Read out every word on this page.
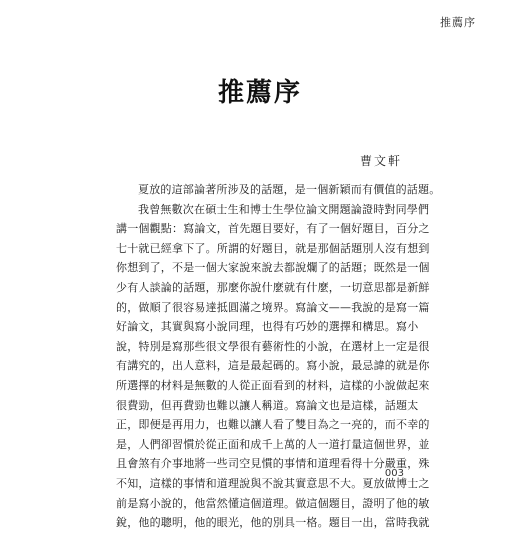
推薦序
推薦序
曹文軒

夏放的這部論著所涉及的話題，是一個新穎而有價值的話題。

我曾無數次在碩士生和博士生學位論文開題論證時對同學們
講一個觀點：寫論文，首先題目要好，有了一個好題目，百分之
七十就已經拿下了。所謂的好題目，就是那個話題別人沒有想到
你想到了，不是一個大家說來說去都說爛了的話題；既然是一個
少有人談論的話題，那麼你說什麼就有什麼，一切意思都是新鮮
的，做順了很容易達抵圓滿之境界。寫論文——我說的是寫一篇
好論文，其實與寫小說同理，也得有巧妙的選擇和構思。寫小
說，特別是寫那些很文學很有藝術性的小說，在選材上一定是很
有講究的，出人意料，這是最起碼的。寫小說，最忌諱的就是你
所選擇的材料是無數的人從正面看到的材料，這樣的小說做起來
很費勁，但再費勁也難以讓人稱道。寫論文也是這樣，話題太
正，即便是再用力，也難以讓人看了雙目為之一亮的，而不幸的
是，人們卻習慣於從正面和成千上萬的人一道打量這個世界，並
且會煞有介事地將一些司空見慣的事情和道理看得十分嚴重，殊
不知，這樣的事情和道理說與不說其實意思不大。夏放做博士之
前是寫小說的，他當然懂這個道理。做這個題目，證明了他的敏
銳，他的聰明，他的眼光，他的別具一格。題目一出，當時我就

003
